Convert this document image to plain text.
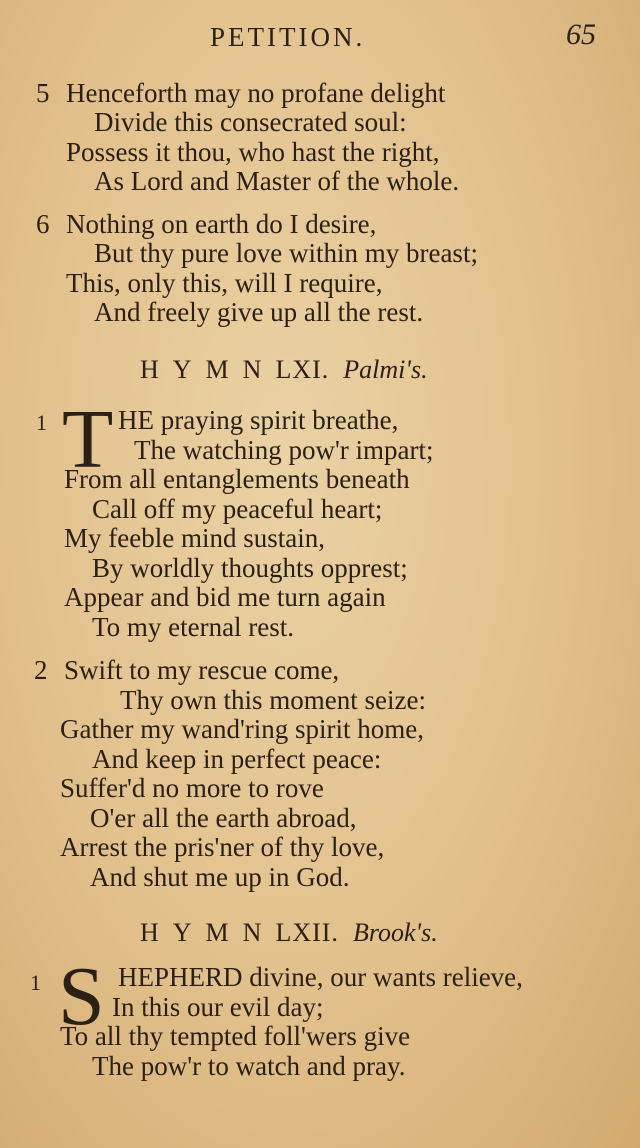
PETITION.	65
5 Henceforth may no profane delight
Divide this consecrated soul:
Possess it thou, who hast the right,
As Lord and Master of the whole.
6 Nothing on earth do I desire,
But thy pure love within my breast;
This, only this, will I require,
And freely give up all the rest.
HYMNLXI. Palmi's.
1 T HE praying spirit breathe,
The watching pow'r impart;
From all entanglements beneath
Call off my peaceful heart;
My feeble mind sustain,
By worldly thoughts opprest;
Appear and bid me turn again
To my eternal rest.
2 Swift to my rescue come,
Thy own this moment seize:
Gather my wand'ring spirit home,
And keep in perfect peace:
Suffer'd no more to rove
O'er all the earth abroad,
Arrest the pris'ner of thy love,
And shut me up in God.
HYMNLXII. Brook's.
1 S HEPHERD divine, our wants relieve,
In this our evil day;
To all thy tempted foll'wers give
The pow'r to watch and pray.
